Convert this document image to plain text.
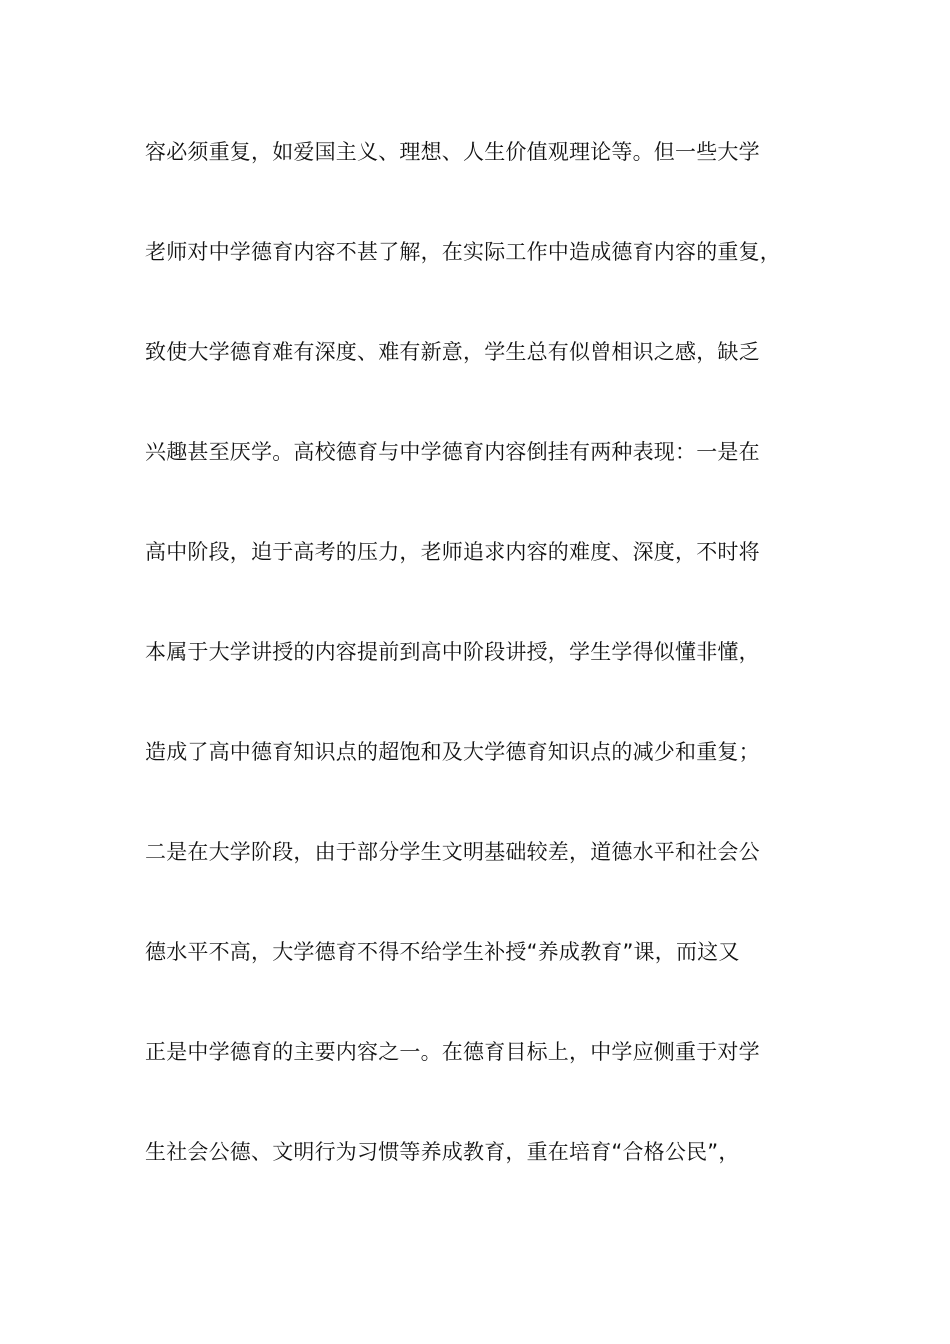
容必须重复，如爱国主义、理想、人生价值观理论等。但一些大学
老师对中学德育内容不甚了解，在实际工作中造成德育内容的重复，
致使大学德育难有深度、难有新意，学生总有似曾相识之感，缺乏
兴趣甚至厌学。高校德育与中学德育内容倒挂有两种表现：一是在
高中阶段，迫于高考的压力，老师追求内容的难度、深度，不时将
本属于大学讲授的内容提前到高中阶段讲授，学生学得似懂非懂，
造成了高中德育知识点的超饱和及大学德育知识点的减少和重复；
二是在大学阶段，由于部分学生文明基础较差，道德水平和社会公
德水平不高，大学德育不得不给学生补授“养成教育”课，而这又
正是中学德育的主要内容之一。在德育目标上，中学应侧重于对学
生社会公德、文明行为习惯等养成教育，重在培育“合格公民”，
